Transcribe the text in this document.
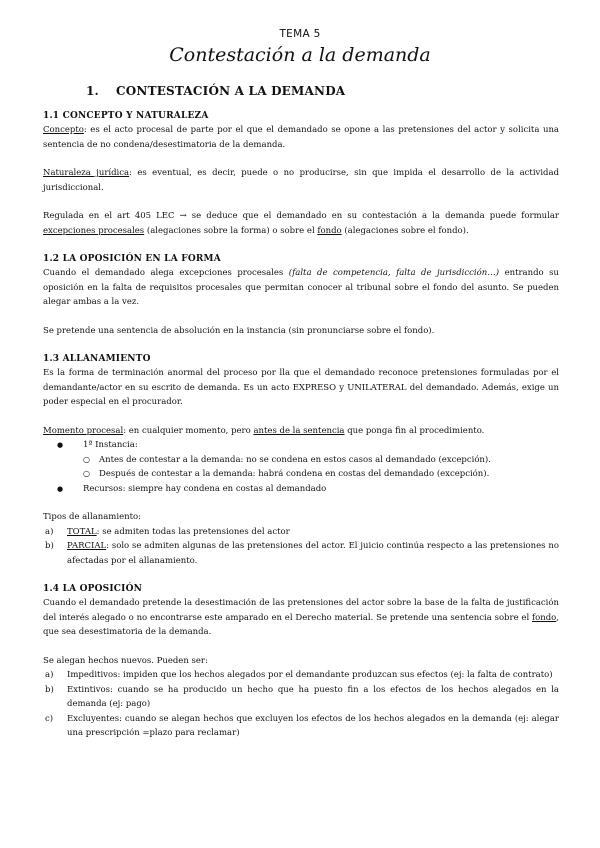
TEMA 5
Contestación a la demanda
1. CONTESTACIÓN A LA DEMANDA
1.1 CONCEPTO Y NATURALEZA

Concepto: es el acto procesal de parte por el que el demandado se opone a las pretensiones del actor y solicita una sentencia de no condena/desestimatoria de la demanda.

Naturaleza jurídica: es eventual, es decir, puede o no producirse, sin que impida el desarrollo de la actividad jurisdiccional.

Regulada en el art 405 LEC → se deduce que el demandado en su contestación a la demanda puede formular excepciones procesales (alegaciones sobre la forma) o sobre el fondo (alegaciones sobre el fondo).

1.2 LA OPOSICIÓN EN LA FORMA

Cuando el demandado alega excepciones procesales (falta de competencia, falta de jurisdicción…) entrando su oposición en la falta de requisitos procesales que permitan conocer al tribunal sobre el fondo del asunto. Se pueden alegar ambas a la vez.

Se pretende una sentencia de absolución en la instancia (sin pronunciarse sobre el fondo).

1.3 ALLANAMIENTO

Es la forma de terminación anormal del proceso por lla que el demandado reconoce pretensiones formuladas por el demandante/actor en su escrito de demanda. Es un acto EXPRESO y UNILATERAL del demandado. Además, exige un poder especial en el procurador.

Momento procesal: en cualquier momento, pero antes de la sentencia que ponga fin al procedimiento.

● 1ª Instancia:
○ Antes de contestar a la demanda: no se condena en estos casos al demandado (excepción).
○ Después de contestar a la demanda: habrá condena en costas del demandado (excepción).
● Recursos: siempre hay condena en costas al demandado

Tipos de allanamiento:

a) TOTAL: se admiten todas las pretensiones del actor
b) PARCIAL: solo se admiten algunas de las pretensiones del actor. El juicio continúa respecto a las pretensiones no afectadas por el allanamiento.
1.4 LA OPOSICIÓN

Cuando el demandado pretende la desestimación de las pretensiones del actor sobre la base de la falta de justificación del interés alegado o no encontrarse este amparado en el Derecho material. Se pretende una sentencia sobre el fondo, que sea desestimatoria de la demanda.

Se alegan hechos nuevos. Pueden ser:

a) Impeditivos: impiden que los hechos alegados por el demandante produzcan sus efectos (ej: la falta de contrato)
b) Extintivos: cuando se ha producido un hecho que ha puesto fin a los efectos de los hechos alegados en la demanda (ej: pago)
c) Excluyentes: cuando se alegan hechos que excluyen los efectos de los hechos alegados en la demanda (ej: alegar una prescripción =plazo para reclamar)
